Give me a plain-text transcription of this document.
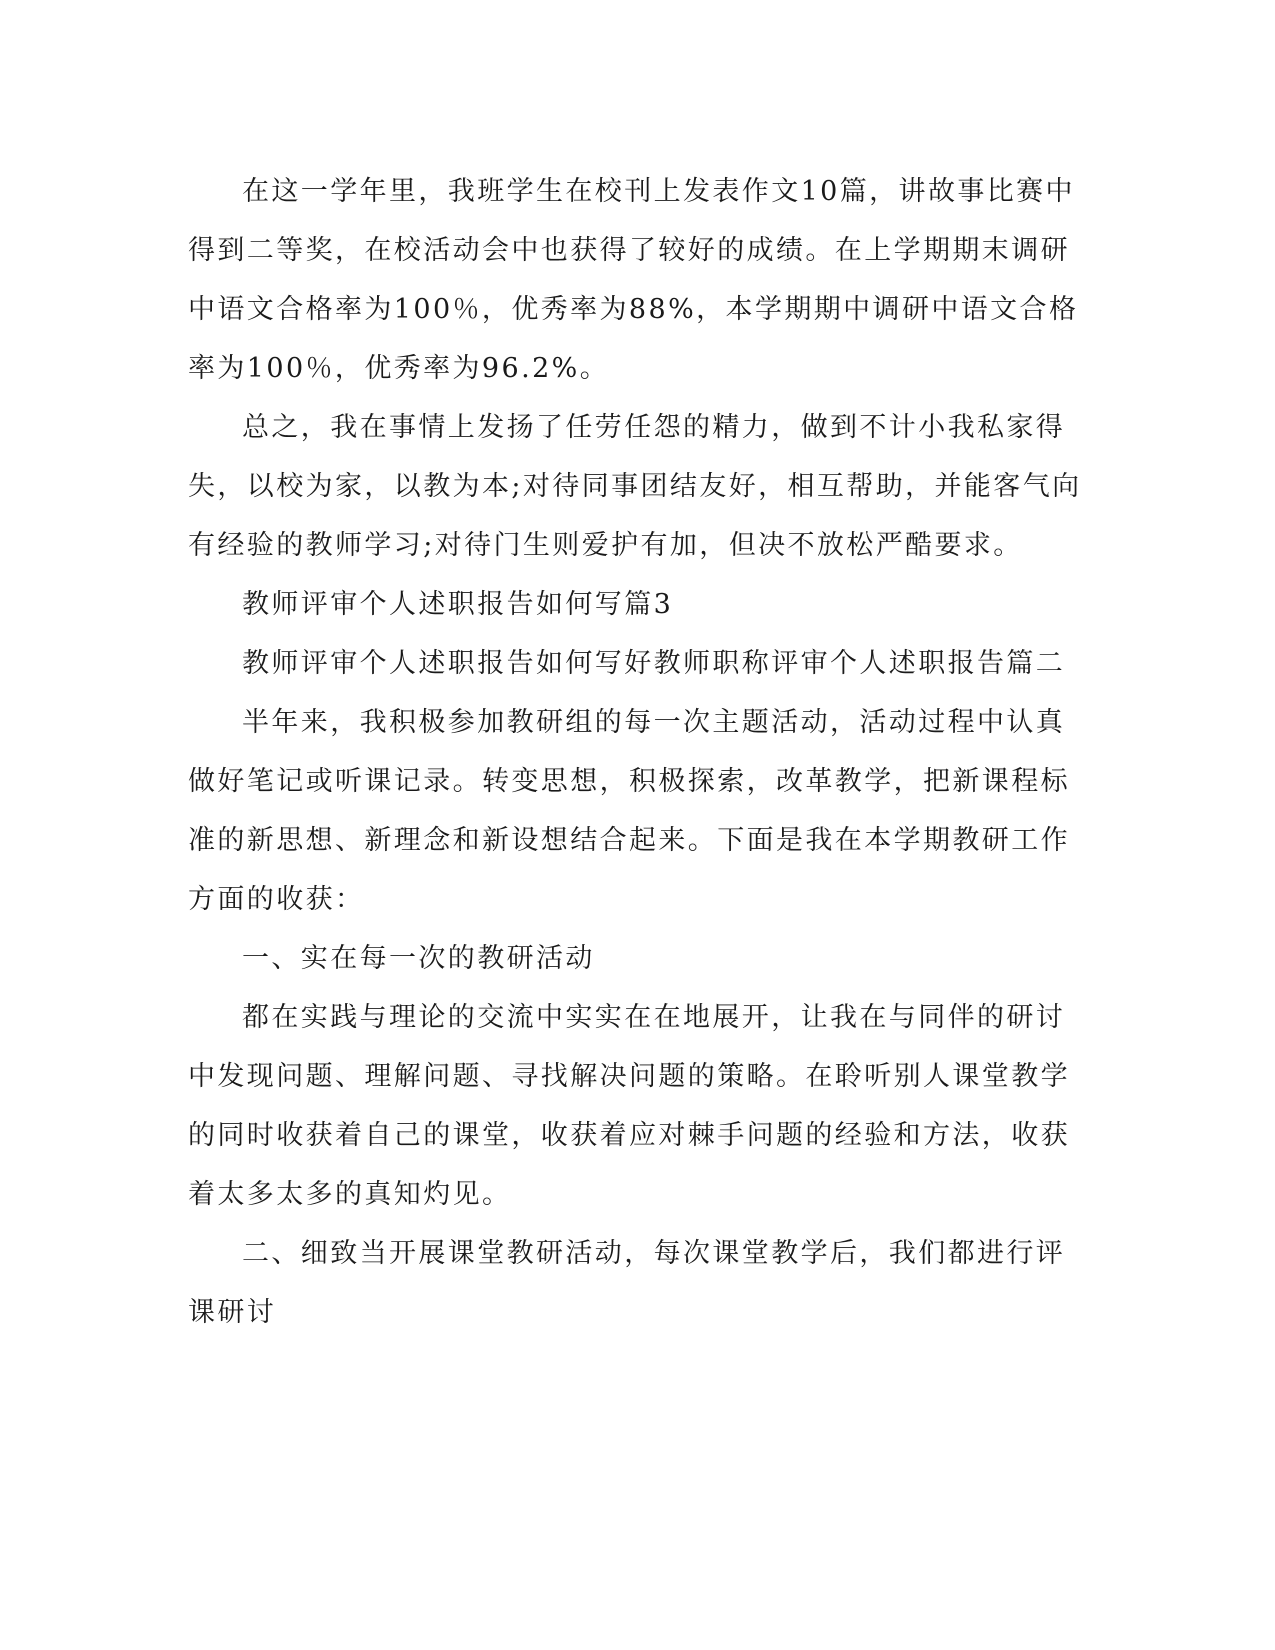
在这一学年里，我班学生在校刊上发表作文10篇，讲故事比赛中得到二等奖，在校活动会中也获得了较好的成绩。在上学期期末调研中语文合格率为100％，优秀率为88%，本学期期中调研中语文合格率为100％，优秀率为96.2%。

总之，我在事情上发扬了任劳任怨的精力，做到不计小我私家得失，以校为家，以教为本;对待同事团结友好，相互帮助，并能客气向有经验的教师学习;对待门生则爱护有加，但决不放松严酷要求。

教师评审个人述职报告如何写篇3

教师评审个人述职报告如何写好教师职称评审个人述职报告篇二

半年来，我积极参加教研组的每一次主题活动，活动过程中认真做好笔记或听课记录。转变思想，积极探索，改革教学，把新课程标准的新思想、新理念和新设想结合起来。下面是我在本学期教研工作方面的收获：

一、实在每一次的教研活动

都在实践与理论的交流中实实在在地展开，让我在与同伴的研讨中发现问题、理解问题、寻找解决问题的策略。在聆听别人课堂教学的同时收获着自己的课堂，收获着应对棘手问题的经验和方法，收获着太多太多的真知灼见。

二、细致当开展课堂教研活动，每次课堂教学后，我们都进行评课研讨
